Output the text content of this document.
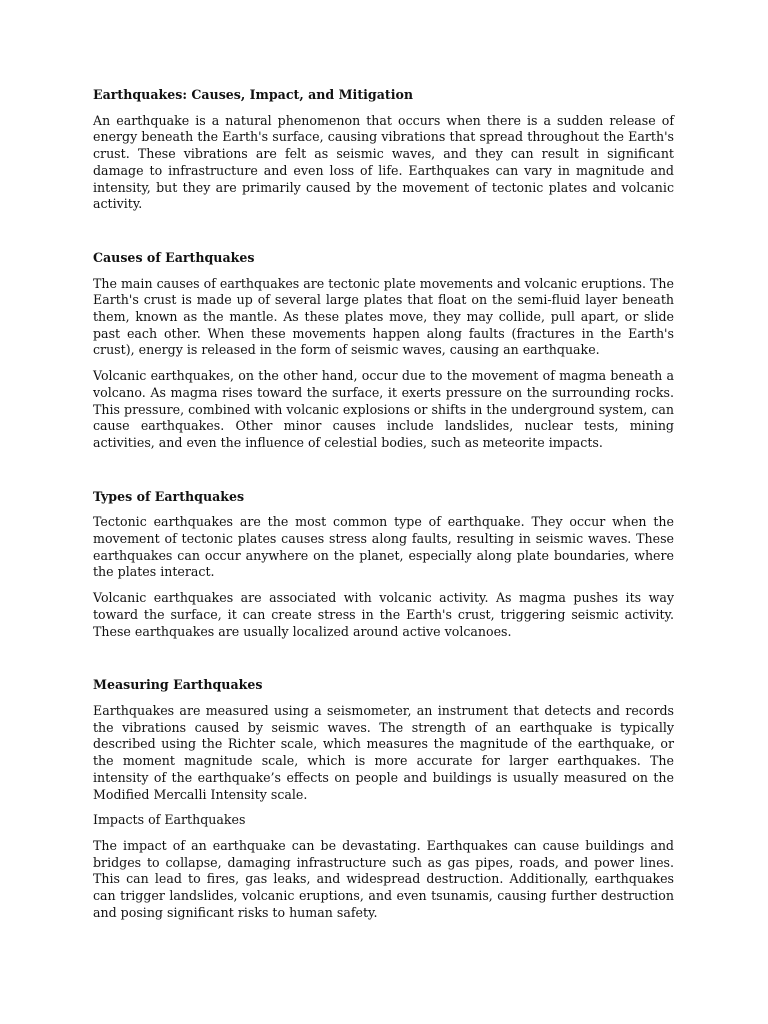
Earthquakes: Causes, Impact, and Mitigation

An earthquake is a natural phenomenon that occurs when there is a sudden release of energy beneath the Earth's surface, causing vibrations that spread throughout the Earth's crust. These vibrations are felt as seismic waves, and they can result in significant damage to infrastructure and even loss of life. Earthquakes can vary in magnitude and intensity, but they are primarily caused by the movement of tectonic plates and volcanic activity.

Causes of Earthquakes

The main causes of earthquakes are tectonic plate movements and volcanic eruptions. The Earth's crust is made up of several large plates that float on the semi-fluid layer beneath them, known as the mantle. As these plates move, they may collide, pull apart, or slide past each other. When these movements happen along faults (fractures in the Earth's crust), energy is released in the form of seismic waves, causing an earthquake.

Volcanic earthquakes, on the other hand, occur due to the movement of magma beneath a volcano. As magma rises toward the surface, it exerts pressure on the surrounding rocks. This pressure, combined with volcanic explosions or shifts in the underground system, can cause earthquakes. Other minor causes include landslides, nuclear tests, mining activities, and even the influence of celestial bodies, such as meteorite impacts.

Types of Earthquakes

Tectonic earthquakes are the most common type of earthquake. They occur when the movement of tectonic plates causes stress along faults, resulting in seismic waves. These earthquakes can occur anywhere on the planet, especially along plate boundaries, where the plates interact.

Volcanic earthquakes are associated with volcanic activity. As magma pushes its way toward the surface, it can create stress in the Earth's crust, triggering seismic activity. These earthquakes are usually localized around active volcanoes.

Measuring Earthquakes

Earthquakes are measured using a seismometer, an instrument that detects and records the vibrations caused by seismic waves. The strength of an earthquake is typically described using the Richter scale, which measures the magnitude of the earthquake, or the moment magnitude scale, which is more accurate for larger earthquakes. The intensity of the earthquake’s effects on people and buildings is usually measured on the Modified Mercalli Intensity scale.

Impacts of Earthquakes

The impact of an earthquake can be devastating. Earthquakes can cause buildings and bridges to collapse, damaging infrastructure such as gas pipes, roads, and power lines. This can lead to fires, gas leaks, and widespread destruction. Additionally, earthquakes can trigger landslides, volcanic eruptions, and even tsunamis, causing further destruction and posing significant risks to human safety.
